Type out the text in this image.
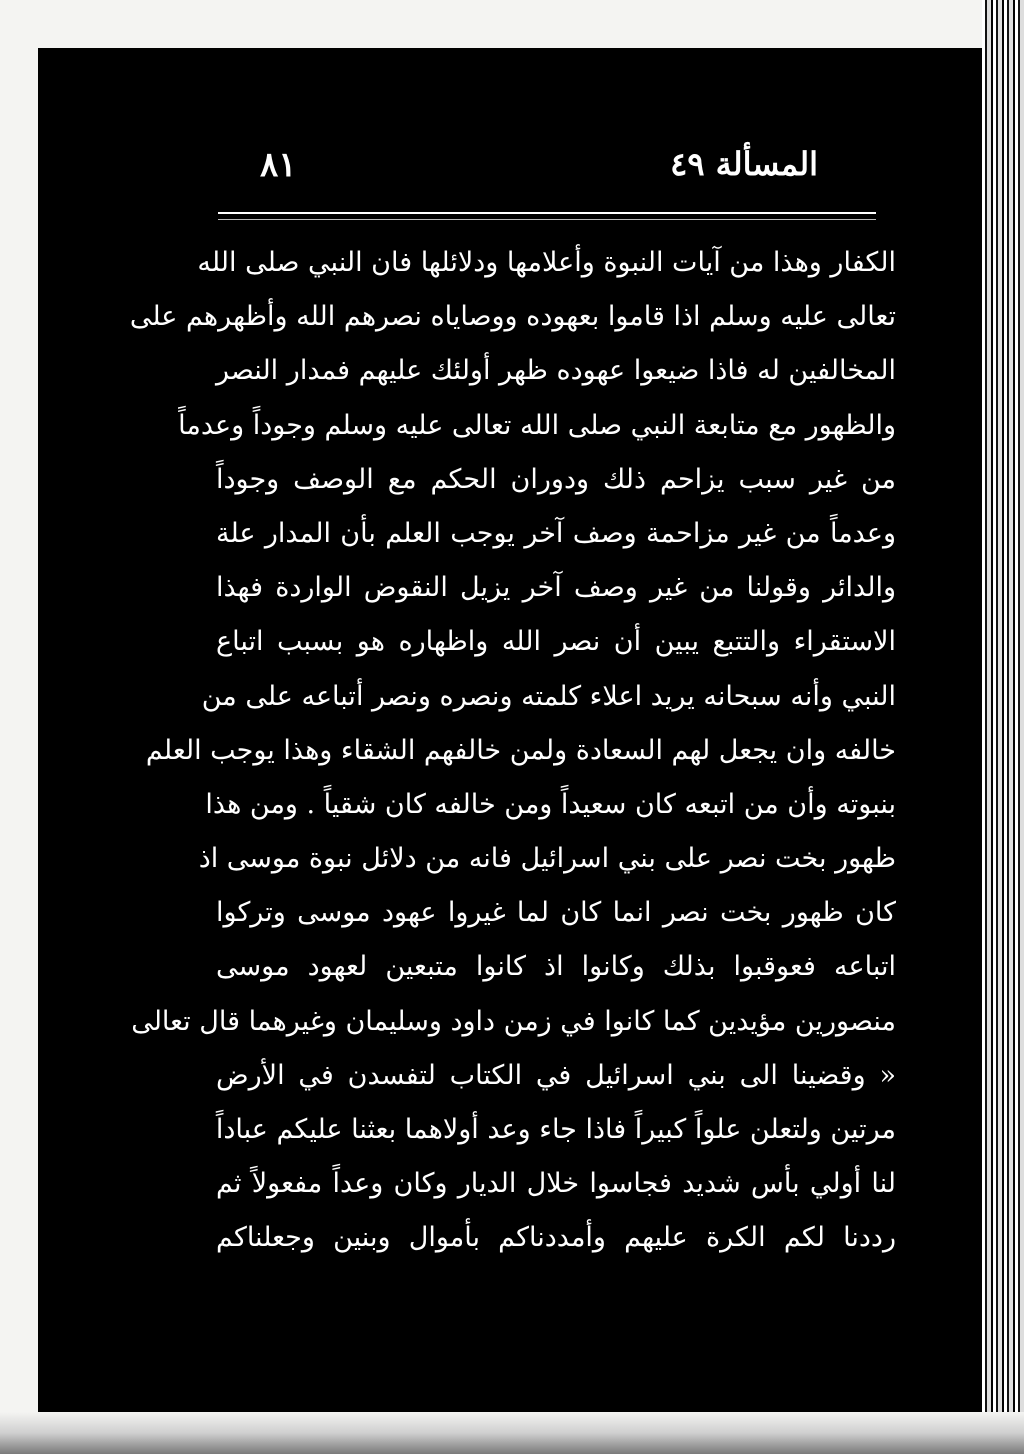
٨١	المسألة ٤٩
الكفار وهذا من آيات النبوة وأعلامها ودلائلها فان النبي صلى الله
تعالى عليه وسلم اذا قاموا بعهوده ووصاياه نصرهم الله وأظهرهم على
المخالفين له فاذا ضيعوا عهوده ظهر أولئك عليهم فمدار النصر
والظهور مع متابعة النبي صلى الله تعالى عليه وسلم وجوداً وعدماً
من غير سبب يزاحم ذلك ودوران الحكم مع الوصف وجوداً
وعدماً من غير مزاحمة وصف آخر يوجب العلم بأن المدار علة
والدائر وقولنا من غير وصف آخر يزيل النقوض الواردة فهذا
الاستقراء والتتبع يبين أن نصر الله واظهاره هو بسبب اتباع
النبي وأنه سبحانه يريد اعلاء كلمته ونصره ونصر أتباعه على من
خالفه وان يجعل لهم السعادة ولمن خالفهم الشقاء وهذا يوجب العلم
بنبوته وأن من اتبعه كان سعيداً ومن خالفه كان شقياً . ومن هذا
ظهور بخت نصر على بني اسرائيل فانه من دلائل نبوة موسى اذ
كان ظهور بخت نصر انما كان لما غيروا عهود موسى وتركوا
اتباعه فعوقبوا بذلك وكانوا اذ كانوا متبعين لعهود موسى
منصورين مؤيدين كما كانوا في زمن داود وسليمان وغيرهما قال تعالى
« وقضينا الى بني اسرائيل في الكتاب لتفسدن في الأرض
مرتين ولتعلن علواً كبيراً فاذا جاء وعد أولاهما بعثنا عليكم عباداً
لنا أولي بأس شديد فجاسوا خلال الديار وكان وعداً مفعولاً ثم
رددنا لكم الكرة عليهم وأمددناكم بأموال وبنين وجعلناكم
